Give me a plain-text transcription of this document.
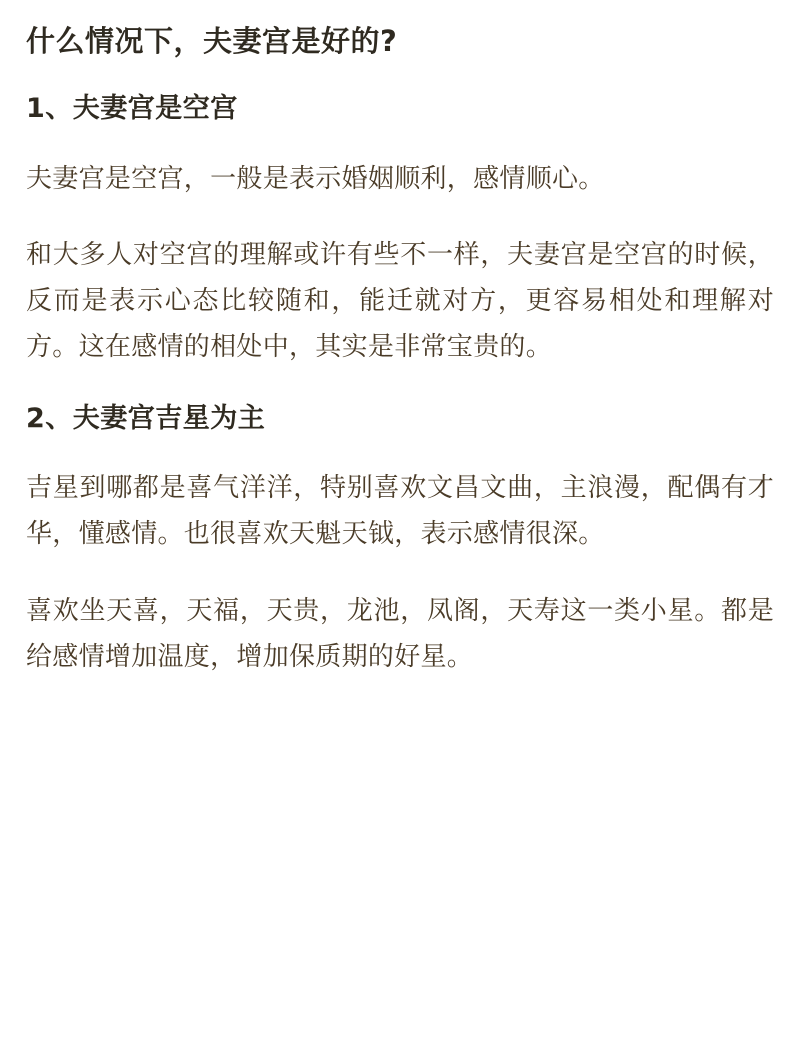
什么情况下，夫妻宫是好的?
1、夫妻宫是空宫

夫妻宫是空宫，一般是表示婚姻顺利，感情顺心。

和大多人对空宫的理解或许有些不一样，夫妻宫是空宫的时候，反而是表示心态比较随和，能迁就对方，更容易相处和理解对方。这在感情的相处中，其实是非常宝贵的。

2、夫妻宫吉星为主

吉星到哪都是喜气洋洋，特别喜欢文昌文曲，主浪漫，配偶有才华，懂感情。也很喜欢天魁天钺，表示感情很深。

喜欢坐天喜，天福，天贵，龙池，凤阁，天寿这一类小星。都是给感情增加温度，增加保质期的好星。
